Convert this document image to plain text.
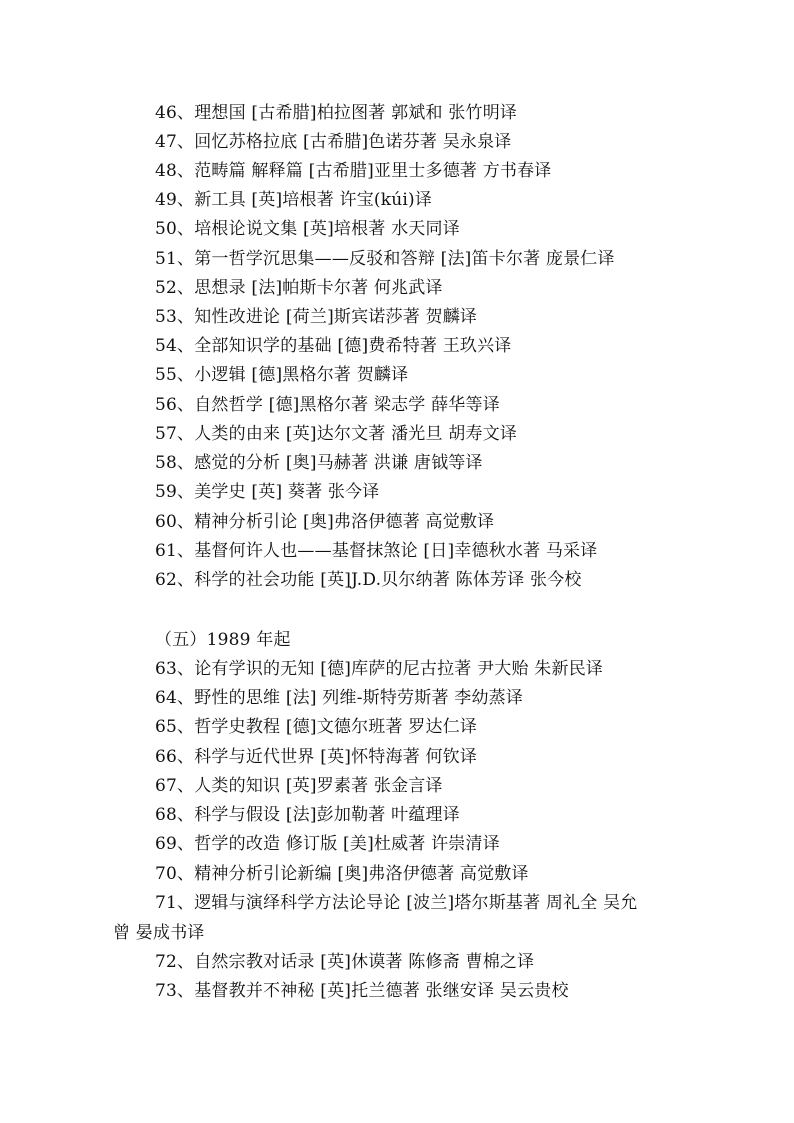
46、理想国 [古希腊]柏拉图著 郭斌和 张竹明译
47、回忆苏格拉底 [古希腊]色诺芬著 吴永泉译
48、范畴篇 解释篇 [古希腊]亚里士多德著 方书春译
49、新工具 [英]培根著 许宝(kúi)译
50、培根论说文集 [英]培根著 水天同译
51、第一哲学沉思集——反驳和答辩 [法]笛卡尔著 庞景仁译
52、思想录 [法]帕斯卡尔著 何兆武译
53、知性改进论 [荷兰]斯宾诺莎著 贺麟译
54、全部知识学的基础 [德]费希特著 王玖兴译
55、小逻辑 [德]黑格尔著 贺麟译
56、自然哲学 [德]黑格尔著 梁志学 薛华等译
57、人类的由来 [英]达尔文著 潘光旦 胡寿文译
58、感觉的分析 [奥]马赫著 洪谦 唐钺等译
59、美学史 [英] 葵著 张今译
60、精神分析引论 [奥]弗洛伊德著 高觉敷译
61、基督何许人也——基督抹煞论 [日]幸德秋水著 马采译
62、科学的社会功能 [英]J.D.贝尔纳著 陈体芳译 张今校
（五）1989 年起
63、论有学识的无知 [德]库萨的尼古拉著 尹大贻 朱新民译
64、野性的思维 [法] 列维-斯特劳斯著 李幼蒸译
65、哲学史教程 [德]文德尔班著 罗达仁译
66、科学与近代世界 [英]怀特海著 何钦译
67、人类的知识 [英]罗素著 张金言译
68、科学与假设 [法]彭加勒著 叶蕴理译
69、哲学的改造 修订版 [美]杜威著 许崇清译
70、精神分析引论新编 [奥]弗洛伊德著 高觉敷译
71、逻辑与演绎科学方法论导论 [波兰]塔尔斯基著 周礼全 吴允
曾 晏成书译
72、自然宗教对话录 [英]休谟著 陈修斋 曹棉之译
73、基督教并不神秘 [英]托兰德著 张继安译 吴云贵校
